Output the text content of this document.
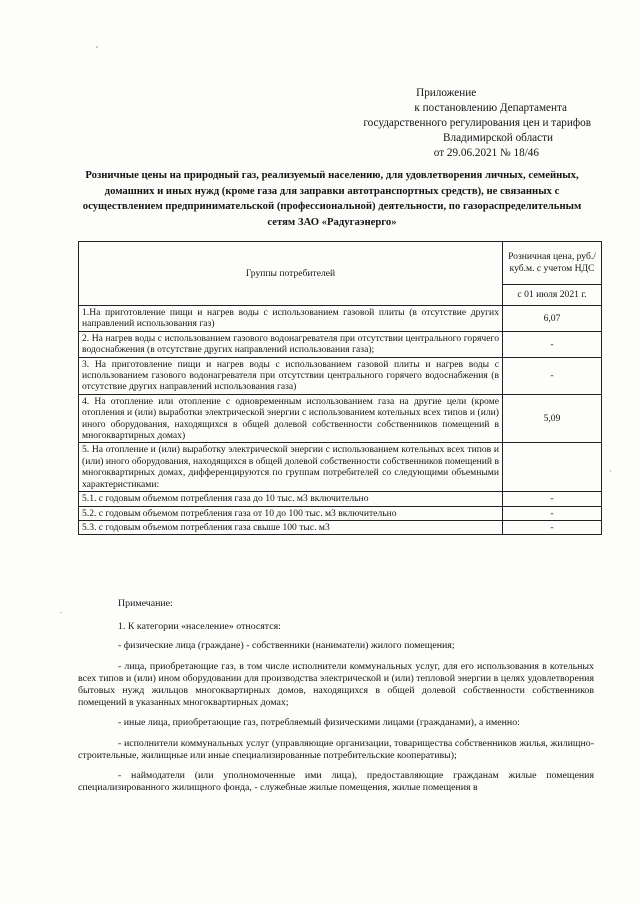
Приложение
к постановлению Департамента
государственного регулирования цен и тарифов
Владимирской области
от 29.06.2021 № 18/46
Розничные цены на природный газ, реализуемый населению, для удовлетворения личных, семейных, домашних и иных нужд (кроме газа для заправки автотранспортных средств), не связанных с осуществлением предпринимательской (профессиональной) деятельности, по газораспределительным сетям ЗАО «Радугаэнерго»
Группы потребителей	Розничная цена, руб./куб.м. с учетом НДС
	с 01 июля 2021 г.
1.На приготовление пищи и нагрев воды с использованием газовой плиты (в отсутствие других направлений использования газ)	6,07
2. На нагрев воды с использованием газового водонагревателя при отсутствии центрального горячего водоснабжения (в отсутствие других направлений использования газа);	-
3. На приготовление пищи и нагрев воды с использованием газовой плиты и нагрев воды с использованием газового водонагревателя при отсутствии центрального горячего водоснабжения (в отсутствие других направлений использования газа)	-
4. На отопление или отопление с одновременным использованием газа на другие цели (кроме отопления и (или) выработки электрической энергии с использованием котельных всех типов и (или) иного оборудования, находящихся в общей долевой собственности собственников помещений в многоквартирных домах)	5,09
5. На отопление и (или) выработку электрической энергии с использованием котельных всех типов и (или) иного оборудования, находящихся в общей долевой собственности собственников помещений в многоквартирных домах, дифференцируются по группам потребителей со следующими объемными характеристиками:	
5.1. с годовым объемом потребления газа до 10 тыс. м3 включительно	-
5.2. с годовым объемом потребления газа от 10 до 100 тыс. м3 включительно	-
5.3. с годовым объемом потребления газа свыше 100 тыс. м3	-

Примечание:

1. К категории «население» относятся:

- физические лица (граждане) - собственники (наниматели) жилого помещения;

- лица, приобретающие газ, в том числе исполнители коммунальных услуг, для его использования в котельных всех типов и (или) ином оборудовании для производства электрической и (или) тепловой энергии в целях удовлетворения бытовых нужд жильцов многоквартирных домов, находящихся в общей долевой собственности собственников помещений в указанных многоквартирных домах;

- иные лица, приобретающие газ, потребляемый физическими лицами (гражданами), а именно:

- исполнители коммунальных услуг (управляющие организации, товарищества собственников жилья, жилищно-строительные, жилищные или иные специализированные потребительские кооперативы);

- наймодатели (или уполномоченные ими лица), предоставляющие гражданам жилые помещения специализированного жилищного фонда, - служебные жилые помещения, жилые помещения в
